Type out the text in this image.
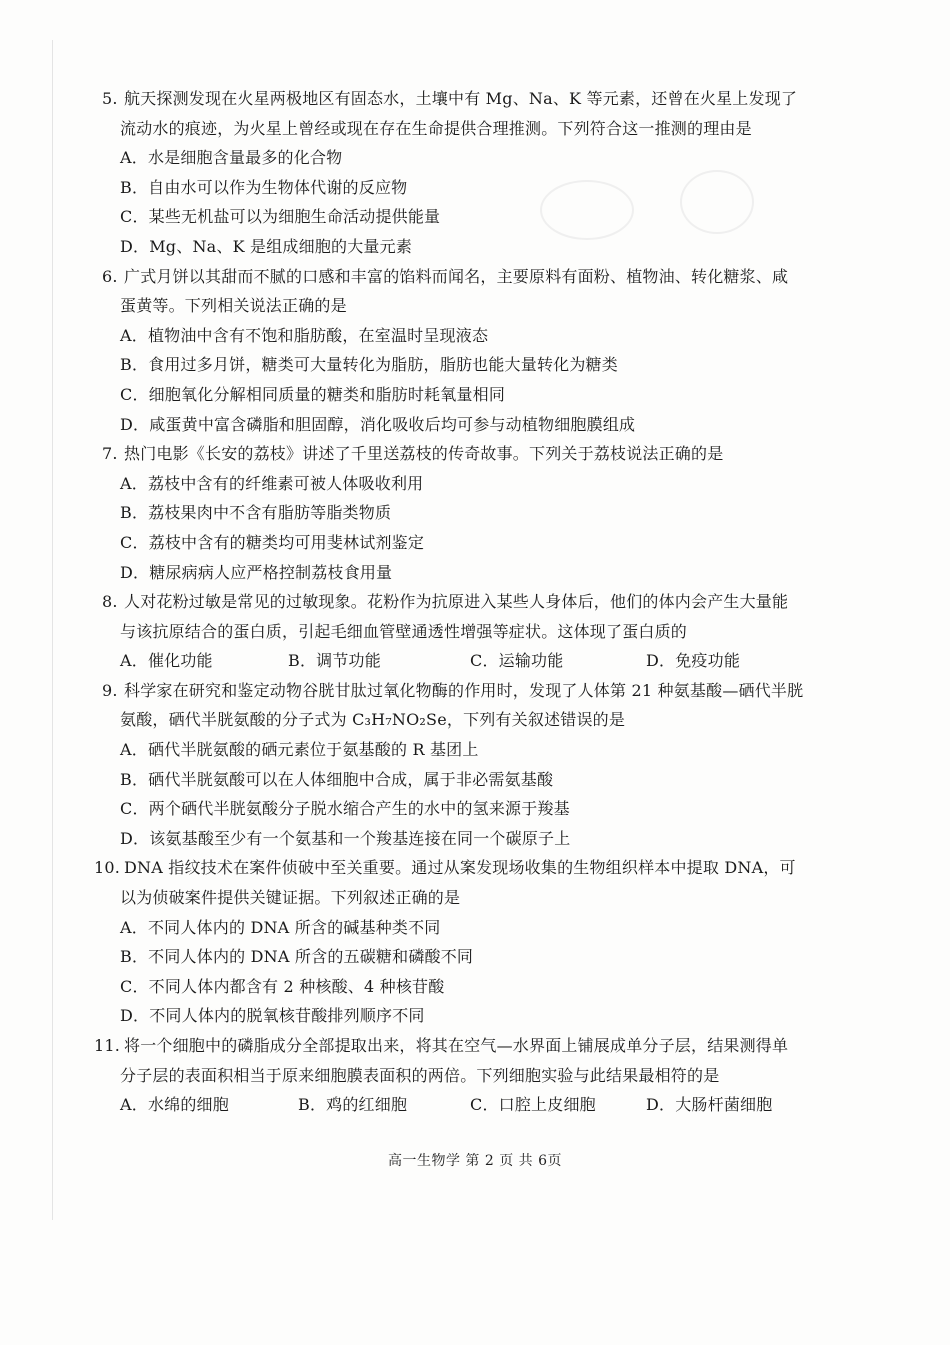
5. 航天探测发现在火星两极地区有固态水，土壤中有 Mg、Na、K 等元素，还曾在火星上发现了

流动水的痕迹，为火星上曾经或现在存在生命提供合理推测。下列符合这一推测的理由是

A．水是细胞含量最多的化合物

B．自由水可以作为生物体代谢的反应物

C．某些无机盐可以为细胞生命活动提供能量

D．Mg、Na、K 是组成细胞的大量元素

6. 广式月饼以其甜而不腻的口感和丰富的馅料而闻名，主要原料有面粉、植物油、转化糖浆、咸

蛋黄等。下列相关说法正确的是

A．植物油中含有不饱和脂肪酸，在室温时呈现液态

B．食用过多月饼，糖类可大量转化为脂肪，脂肪也能大量转化为糖类

C．细胞氧化分解相同质量的糖类和脂肪时耗氧量相同

D．咸蛋黄中富含磷脂和胆固醇，消化吸收后均可参与动植物细胞膜组成

7. 热门电影《长安的荔枝》讲述了千里送荔枝的传奇故事。下列关于荔枝说法正确的是

A．荔枝中含有的纤维素可被人体吸收利用

B．荔枝果肉中不含有脂肪等脂类物质

C．荔枝中含有的糖类均可用斐林试剂鉴定

D．糖尿病病人应严格控制荔枝食用量

8. 人对花粉过敏是常见的过敏现象。花粉作为抗原进入某些人身体后，他们的体内会产生大量能

与该抗原结合的蛋白质，引起毛细血管壁通透性增强等症状。这体现了蛋白质的

A．催化功能	B．调节功能	C．运输功能	D．免疫功能

9. 科学家在研究和鉴定动物谷胱甘肽过氧化物酶的作用时，发现了人体第 21 种氨基酸—硒代半胱

氨酸，硒代半胱氨酸的分子式为 C₃H₇NO₂Se，下列有关叙述错误的是

A．硒代半胱氨酸的硒元素位于氨基酸的 R 基团上

B．硒代半胱氨酸可以在人体细胞中合成，属于非必需氨基酸

C．两个硒代半胱氨酸分子脱水缩合产生的水中的氢来源于羧基

D．该氨基酸至少有一个氨基和一个羧基连接在同一个碳原子上

10. DNA 指纹技术在案件侦破中至关重要。通过从案发现场收集的生物组织样本中提取 DNA，可

以为侦破案件提供关键证据。下列叙述正确的是

A．不同人体内的 DNA 所含的碱基种类不同

B．不同人体内的 DNA 所含的五碳糖和磷酸不同

C．不同人体内都含有 2 种核酸、4 种核苷酸

D．不同人体内的脱氧核苷酸排列顺序不同

11. 将一个细胞中的磷脂成分全部提取出来，将其在空气—水界面上铺展成单分子层，结果测得单

分子层的表面积相当于原来细胞膜表面积的两倍。下列细胞实验与此结果最相符的是

A．水绵的细胞	B．鸡的红细胞	C．口腔上皮细胞	D．大肠杆菌细胞
高一生物学 第 2 页 共 6页
